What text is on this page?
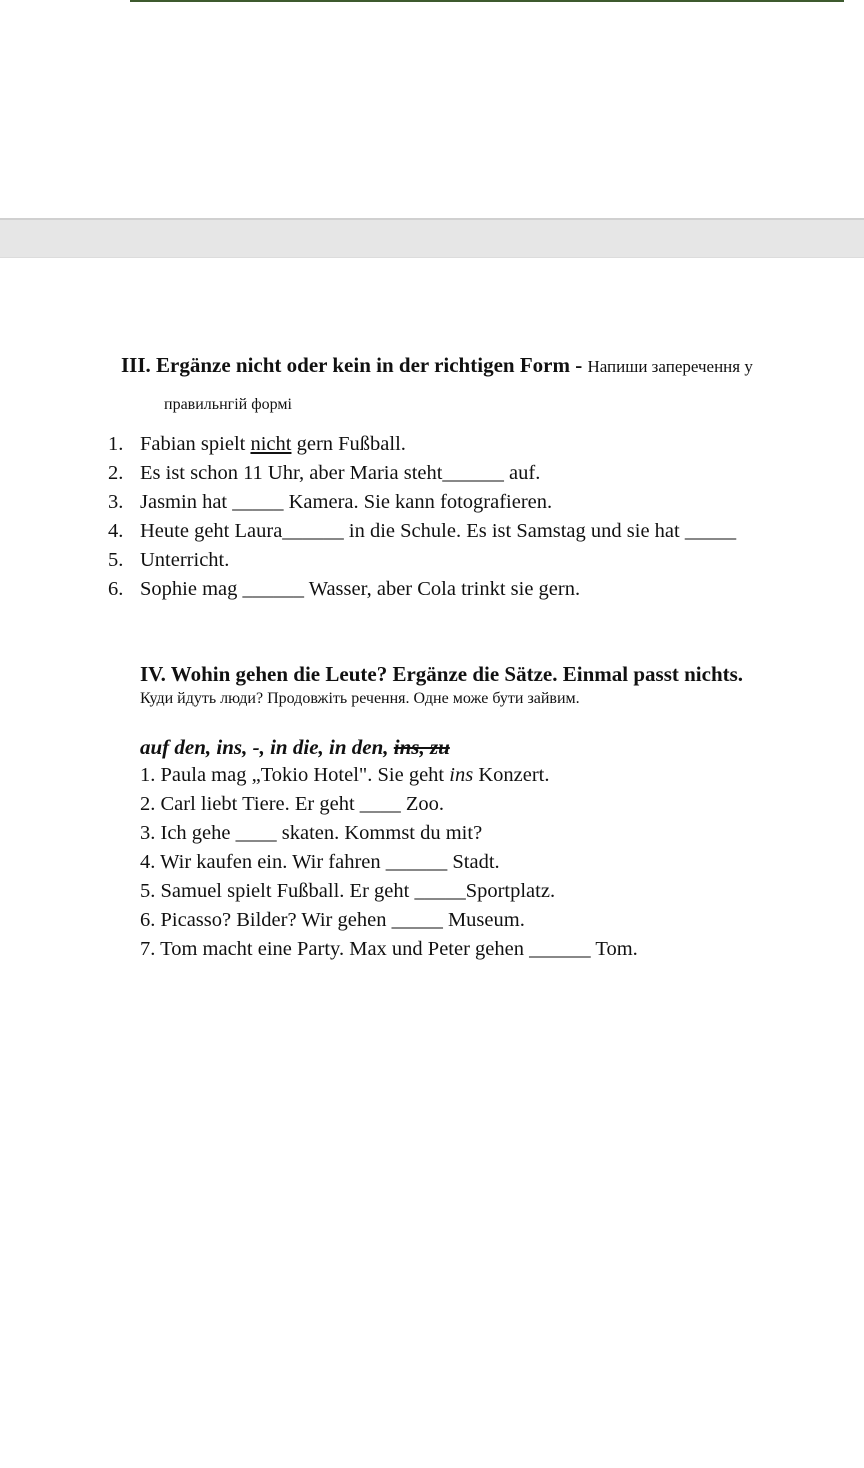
III. Ergänze nicht oder kein in der richtigen Form - Напиши заперечення у
правильнгій формі
1. Fabian spielt nicht gern Fußball.
2. Es ist schon 11 Uhr, aber Maria steht______ auf.
3. Jasmin hat _____ Kamera. Sie kann fotografieren.
4. Heute geht Laura______ in die Schule. Es ist Samstag und sie hat _____
5. Unterricht.
6. Sophie mag ______ Wasser, aber Cola trinkt sie gern.
IV. Wohin gehen die Leute? Ergänze die Sätze. Einmal passt nichts.
Куди йдуть люди? Продовжіть речення. Одне може бути зайвим.
auf den, ins, -, in die, in den, ins, zu
1. Paula mag „Tokio Hotel". Sie geht ins Konzert.
2. Carl liebt Tiere. Er geht ____ Zoo.
3. Ich gehe ____ skaten. Kommst du mit?
4. Wir kaufen ein. Wir fahren ______ Stadt.
5. Samuel spielt Fußball. Er geht _____Sportplatz.
6. Picasso? Bilder? Wir gehen _____ Museum.
7. Tom macht eine Party. Max und Peter gehen ______ Tom.
